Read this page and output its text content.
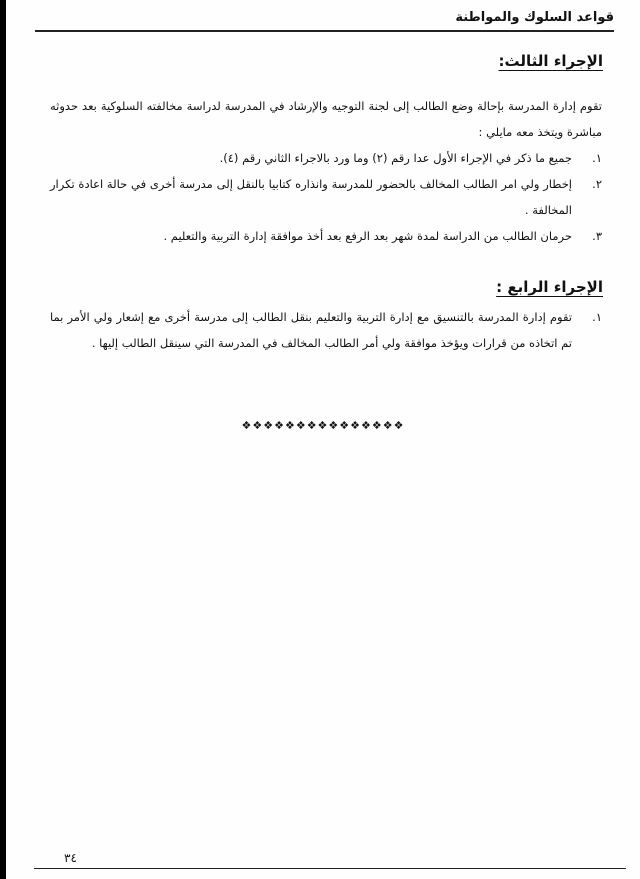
قواعد السلوك والمواطنة
الإجراء الثالث:
تقوم إدارة المدرسة بإحالة وضع الطالب إلى لجنة التوجيه والإرشاد في المدرسة لدراسة مخالفته السلوكية بعد حدوثه مباشرة ويتخذ معه مايلي :
١.
جميع ما ذكر في الإجراء الأول عدا رقم (٢) وما ورد بالاجراء الثاني رقم (٤).
٢.
إخطار ولي امر الطالب المخالف بالحضور للمدرسة وانذاره كتابيا بالنقل إلى مدرسة أخرى في حالة اعادة تكرار المخالفة .
٣.
حرمان الطالب من الدراسة لمدة شهر بعد الرفع بعد أخذ موافقة إدارة التربية والتعليم .
الإجراء الرابع :
١.
تقوم إدارة المدرسة بالتنسيق مع إدارة التربية والتعليم بنقل الطالب إلى مدرسة أخرى مع إشعار ولي الأمر بما تم اتخاذه من قرارات ويؤخذ موافقة ولي أمر الطالب المخالف في المدرسة التي سينقل الطالب إليها .
❖❖❖❖❖❖❖❖❖❖❖❖❖❖❖
٣٤
